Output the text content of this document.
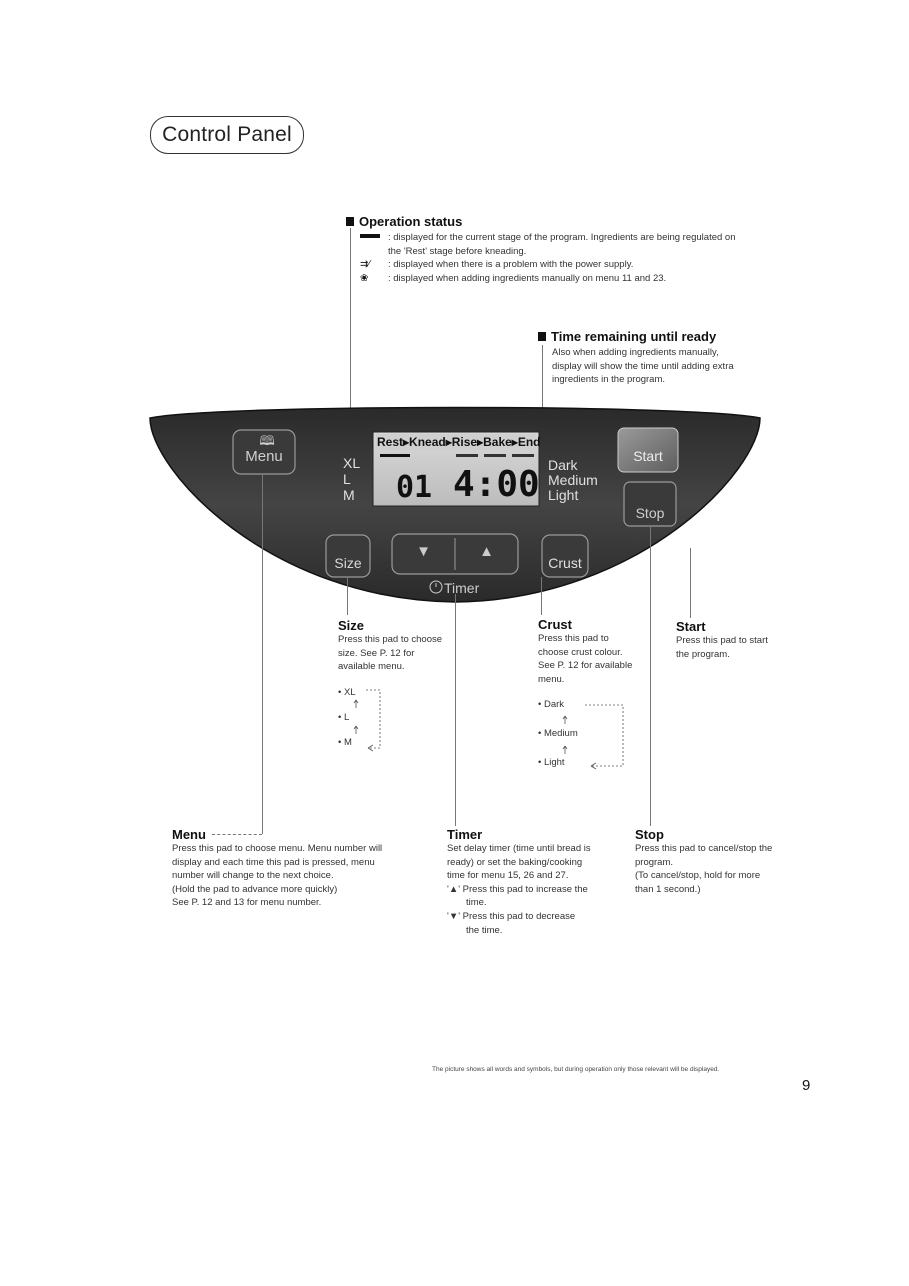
Control Panel
Operation status
: displayed for the current stage of the program. Ingredients are being regulated on
the 'Rest' stage before kneading.
⇉∕	: displayed when there is a problem with the power supply.
❀	: displayed when adding ingredients manually on menu 11 and 23.
Time remaining until ready
Also when adding ingredients manually,
display will show the time until adding extra
ingredients in the program.
Menu
🕮	Rest▸Knead▸Rise▸Bake▸End
XL
L
M 01 4:00 Dark
Medium
Light
Start
Stop
Size
▼	▲
Crust
Timer
Size
Press this pad to choose
size. See P. 12 for
available menu.
• XL
• L
• M
Crust
Press this pad to
choose crust colour.
See P. 12 for available
menu.
• Dark
• Medium
• Light
Start
Press this pad to start
the program.
Menu
Press this pad to choose menu. Menu number will
display and each time this pad is pressed, menu
number will change to the next choice.
(Hold the pad to advance more quickly)
See P. 12 and 13 for menu number.
Timer
Set delay timer (time until bread is
ready) or set the baking/cooking
time for menu 15, 26 and 27.
'▲' Press this pad to increase the
time.
'▼' Press this pad to decrease
the time.
Stop
Press this pad to cancel/stop the
program.
(To cancel/stop, hold for more
than 1 second.)
The picture shows all words and symbols, but during operation only those relevant will be displayed.
9
